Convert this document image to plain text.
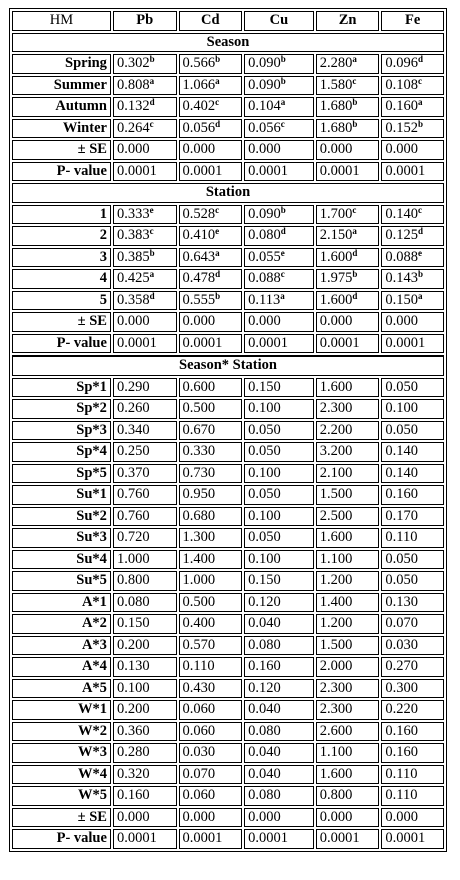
HM	Pb	Cd	Cu	Zn	Fe
Season					
Spring	0.302$^b$	0.566$^b$	0.090$^b$	2.280$^a$	0.096$^d$
Summer	0.808$^a$	1.066$^a$	0.090$^b$	1.580$^c$	0.108$^c$
Autumn	0.132$^d$	0.402$^c$	0.104$^a$	1.680$^b$	0.160$^a$
Winter	0.264$^c$	0.056$^d$	0.056$^c$	1.680$^b$	0.152$^b$
± SE	0.000	0.000	0.000	0.000	0.000
P- value	0.0001	0.0001	0.0001	0.0001	0.0001
Station					
1	0.333e	0.528$^c$	0.090$^b$	1.700$^c$	0.140$^c$
2	0.383$^c$	0.410e	0.080$^d$	2.150$^a$	0.125$^d$
3	0.385$^b$	0.643$^a$	0.055e	1.600$^d$	0.088e
4	0.425$^a$	0.478$^d$	0.088$^c$	1.975$^b$	0.143$^b$
5	0.358$^d$	0.555$^b$	0.113$^a$	1.600$^d$	0.150$^a$
± SE	0.000	0.000	0.000	0.000	0.000
P- value	0.0001	0.0001	0.0001	0.0001	0.0001
Season* Station					
Sp*1	0.290	0.600	0.150	1.600	0.050
Sp*2	0.260	0.500	0.100	2.300	0.100
Sp*3	0.340	0.670	0.050	2.200	0.050
Sp*4	0.250	0.330	0.050	3.200	0.140
Sp*5	0.370	0.730	0.100	2.100	0.140
Su*1	0.760	0.950	0.050	1.500	0.160
Su*2	0.760	0.680	0.100	2.500	0.170
Su*3	0.720	1.300	0.050	1.600	0.110
Su*4	1.000	1.400	0.100	1.100	0.050
Su*5	0.800	1.000	0.150	1.200	0.050
A*1	0.080	0.500	0.120	1.400	0.130
A*2	0.150	0.400	0.040	1.200	0.070
A*3	0.200	0.570	0.080	1.500	0.030
A*4	0.130	0.110	0.160	2.000	0.270
A*5	0.100	0.430	0.120	2.300	0.300
W*1	0.200	0.060	0.040	2.300	0.220
W*2	0.360	0.060	0.080	2.600	0.160
W*3	0.280	0.030	0.040	1.100	0.160
W*4	0.320	0.070	0.040	1.600	0.110
W*5	0.160	0.060	0.080	0.800	0.110
± SE	0.000	0.000	0.000	0.000	0.000
P- value	0.0001	0.0001	0.0001	0.0001	0.0001
